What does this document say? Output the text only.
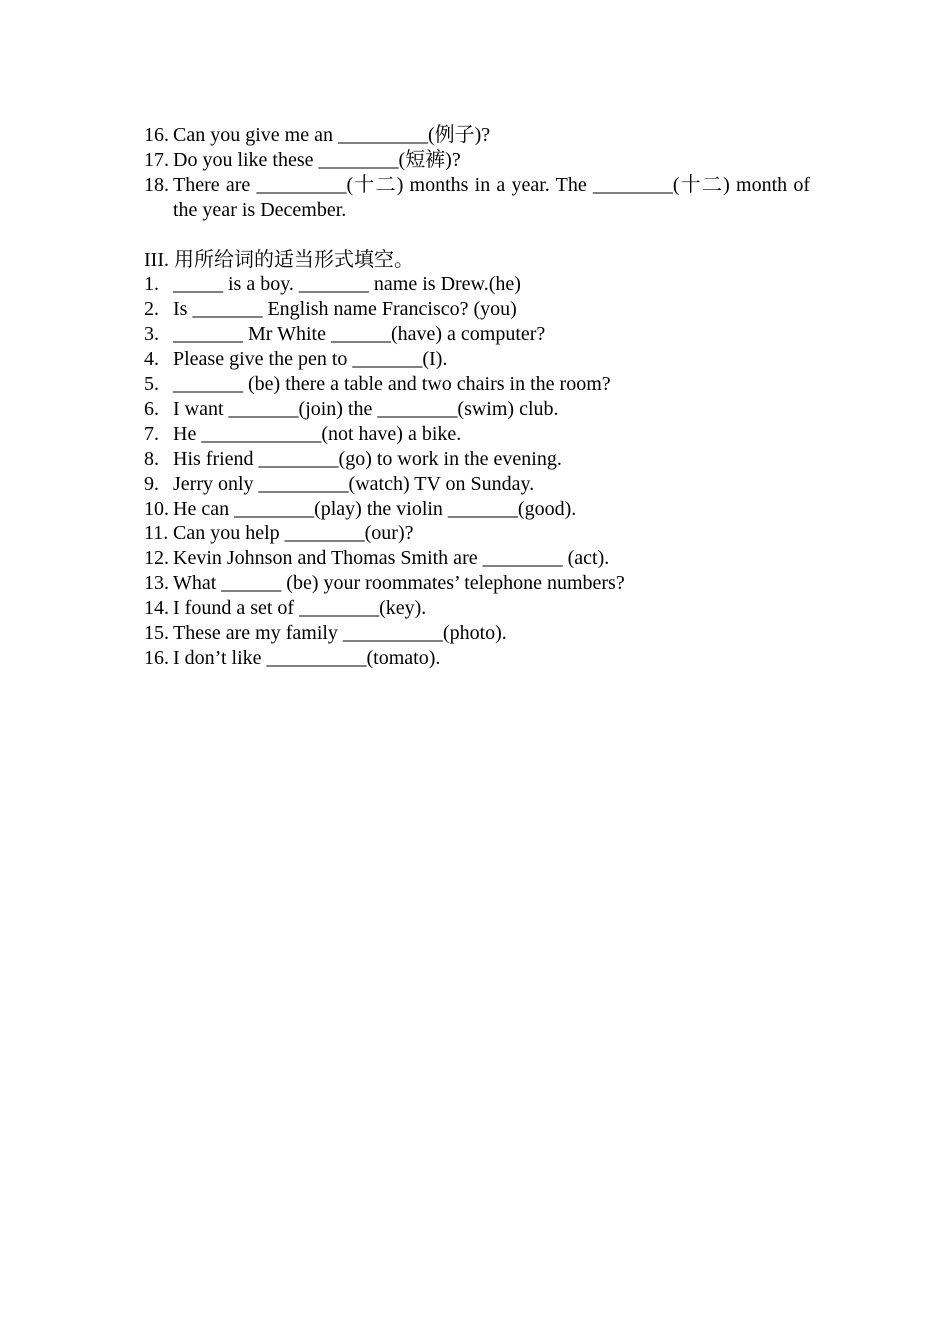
16. Can you give me an _________(例子)?
17. Do you like these ________(短裤)?
18. There are _________(十二) months in a year. The ________(十二) month of the year is December.
III. 用所给词的适当形式填空。
1. _____ is a boy. _______ name is Drew.(he)
2. Is _______ English name Francisco? (you)
3. _______ Mr White ______(have) a computer?
4. Please give the pen to _______(I).
5. _______ (be) there a table and two chairs in the room?
6. I want _______(join) the ________(swim) club.
7. He ____________(not have) a bike.
8. His friend ________(go) to work in the evening.
9. Jerry only _________(watch) TV on Sunday.
10. He can ________(play) the violin _______(good).
11. Can you help ________(our)?
12. Kevin Johnson and Thomas Smith are ________ (act).
13. What ______ (be) your roommates’ telephone numbers?
14. I found a set of ________(key).
15. These are my family __________(photo).
16. I don’t like __________(tomato).
